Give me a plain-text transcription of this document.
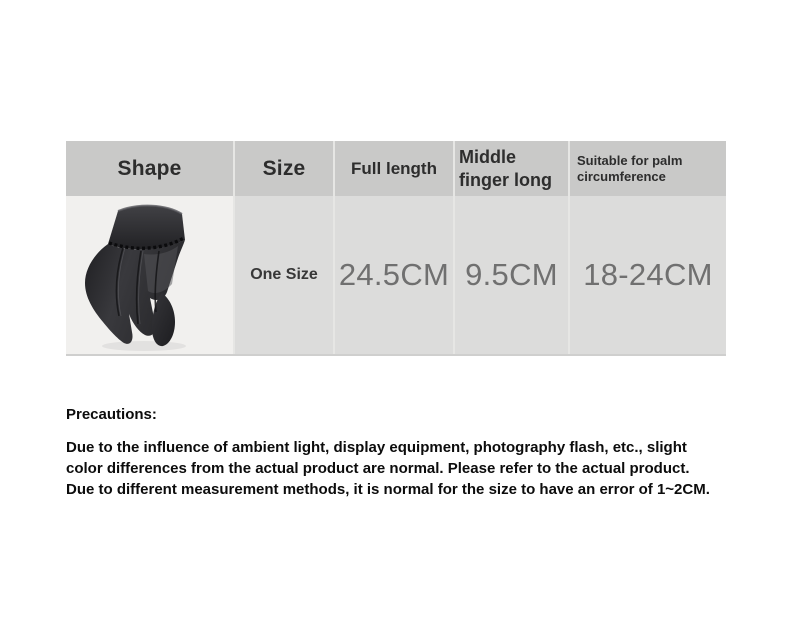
Shape	Size	Full length
Middle finger long
Suitable for palm circumference
One Size 24.5CM 9.5CM 18-24CM
Precautions:
Due to the influence of ambient light, display equipment, photography flash, etc., slight
color differences from the actual product are normal. Please refer to the actual product.
Due to different measurement methods, it is normal for the size to have an error of 1~2CM.
